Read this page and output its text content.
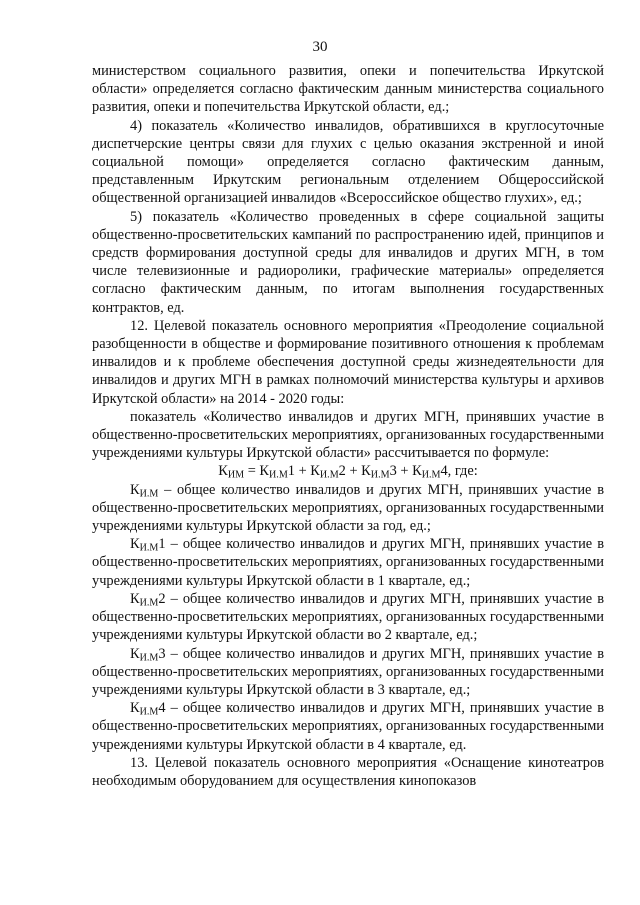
30

министерством социального развития, опеки и попечительства Иркутской области» определяется согласно фактическим данным министерства социального развития, опеки и попечительства Иркутской области, ед.;

4) показатель «Количество инвалидов, обратившихся в круглосуточные диспетчерские центры связи для глухих с целью оказания экстренной и иной социальной помощи» определяется согласно фактическим данным, представленным Иркутским региональным отделением Общероссийской общественной организацией инвалидов «Всероссийское общество глухих», ед.;

5) показатель «Количество проведенных в сфере социальной защиты общественно-просветительских кампаний по распространению идей, принципов и средств формирования доступной среды для инвалидов и других МГН, в том числе телевизионные и радиоролики, графические материалы» определяется согласно фактическим данным, по итогам выполнения государственных контрактов, ед.

12. Целевой показатель основного мероприятия «Преодоление социальной разобщенности в обществе и формирование позитивного отношения к проблемам инвалидов и к проблеме обеспечения доступной среды жизнедеятельности для инвалидов и других МГН в рамках полномочий министерства культуры и архивов Иркутской области» на 2014 - 2020 годы:

показатель «Количество инвалидов и других МГН, принявших участие в общественно-просветительских мероприятиях, организованных государственными учреждениями культуры Иркутской области» рассчитывается по формуле:

$К_{ИМ} = К_{И.М}1 + К_{И.М}2 + К_{И.М}3 + К_{И.М}4$, где:

$К_{И.М}$ – общее количество инвалидов и других МГН, принявших участие в общественно-просветительских мероприятиях, организованных государственными учреждениями культуры Иркутской области за год, ед.;

$К_{И.М}1$ – общее количество инвалидов и других МГН, принявших участие в общественно-просветительских мероприятиях, организованных государственными учреждениями культуры Иркутской области в 1 квартале, ед.;

$К_{И.М}2$ – общее количество инвалидов и других МГН, принявших участие в общественно-просветительских мероприятиях, организованных государственными учреждениями культуры Иркутской области во 2 квартале, ед.;

$К_{И.М}3$ – общее количество инвалидов и других МГН, принявших участие в общественно-просветительских мероприятиях, организованных государственными учреждениями культуры Иркутской области в 3 квартале, ед.;

$К_{И.М}4$ – общее количество инвалидов и других МГН, принявших участие в общественно-просветительских мероприятиях, организованных государственными учреждениями культуры Иркутской области в 4 квартале, ед.

13. Целевой показатель основного мероприятия «Оснащение кинотеатров необходимым оборудованием для осуществления кинопоказов
